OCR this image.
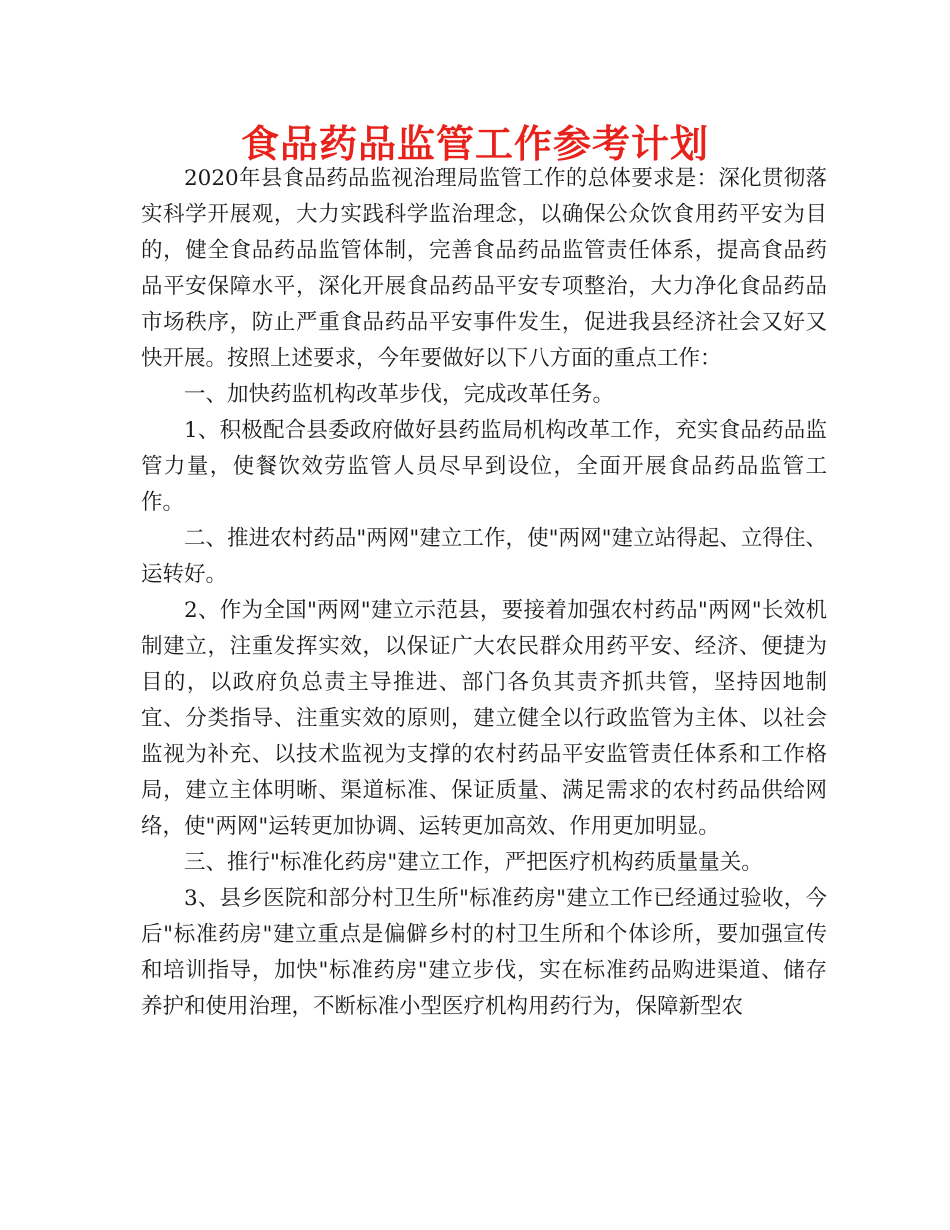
食品药品监管工作参考计划

2020年县食品药品监视治理局监管工作的总体要求是：深化贯彻落实科学开展观，大力实践科学监治理念，以确保公众饮食用药平安为目的，健全食品药品监管体制，完善食品药品监管责任体系，提高食品药品平安保障水平，深化开展食品药品平安专项整治，大力净化食品药品市场秩序，防止严重食品药品平安事件发生，促进我县经济社会又好又快开展。按照上述要求，今年要做好以下八方面的重点工作：

一、加快药监机构改革步伐，完成改革任务。

1、积极配合县委政府做好县药监局机构改革工作，充实食品药品监管力量，使餐饮效劳监管人员尽早到设位，全面开展食品药品监管工作。

二、推进农村药品"两网"建立工作，使"两网"建立站得起、立得住、运转好。

2、作为全国"两网"建立示范县，要接着加强农村药品"两网"长效机制建立，注重发挥实效，以保证广大农民群众用药平安、经济、便捷为目的，以政府负总责主导推进、部门各负其责齐抓共管，坚持因地制宜、分类指导、注重实效的原则，建立健全以行政监管为主体、以社会监视为补充、以技术监视为支撑的农村药品平安监管责任体系和工作格局，建立主体明晰、渠道标准、保证质量、满足需求的农村药品供给网络，使"两网"运转更加协调、运转更加高效、作用更加明显。

三、推行"标准化药房"建立工作，严把医疗机构药质量量关。

3、县乡医院和部分村卫生所"标准药房"建立工作已经通过验收，今后"标准药房"建立重点是偏僻乡村的村卫生所和个体诊所，要加强宣传和培训指导，加快"标准药房"建立步伐，实在标准药品购进渠道、储存养护和使用治理，不断标准小型医疗机构用药行为，保障新型农
